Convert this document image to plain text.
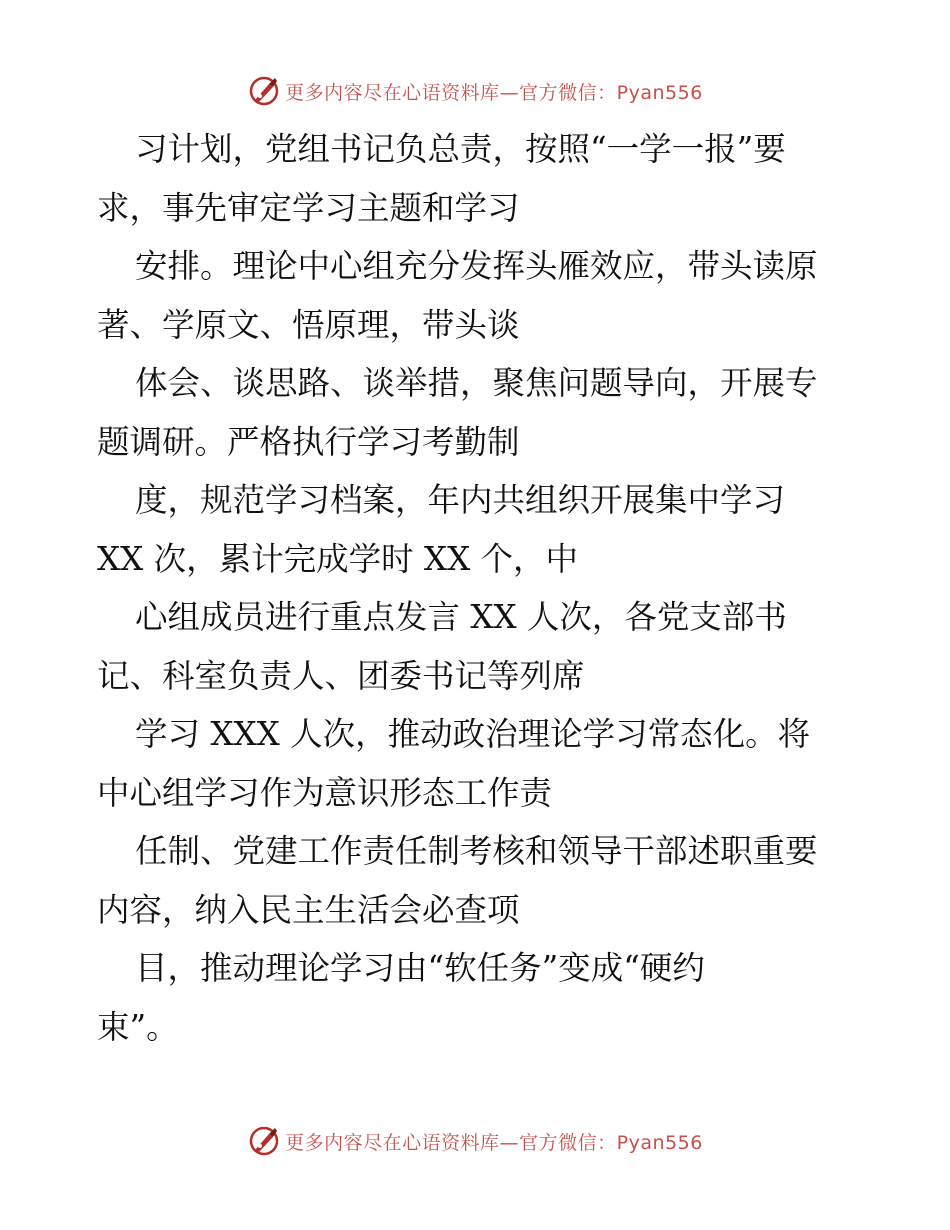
更多内容尽在心语资料库—官方微信：Pyan556
习计划，党组书记负总责，按照“一学一报”要
求，事先审定学习主题和学习
安排。理论中心组充分发挥头雁效应，带头读原
著、学原文、悟原理，带头谈
体会、谈思路、谈举措，聚焦问题导向，开展专
题调研。严格执行学习考勤制
度，规范学习档案，年内共组织开展集中学习
XX 次，累计完成学时 XX 个，中
心组成员进行重点发言 XX 人次，各党支部书
记、科室负责人、团委书记等列席
学习 XXX 人次，推动政治理论学习常态化。将
中心组学习作为意识形态工作责
任制、党建工作责任制考核和领导干部述职重要
内容，纳入民主生活会必查项
目，推动理论学习由“软任务”变成“硬约
束”。
更多内容尽在心语资料库—官方微信：Pyan556
